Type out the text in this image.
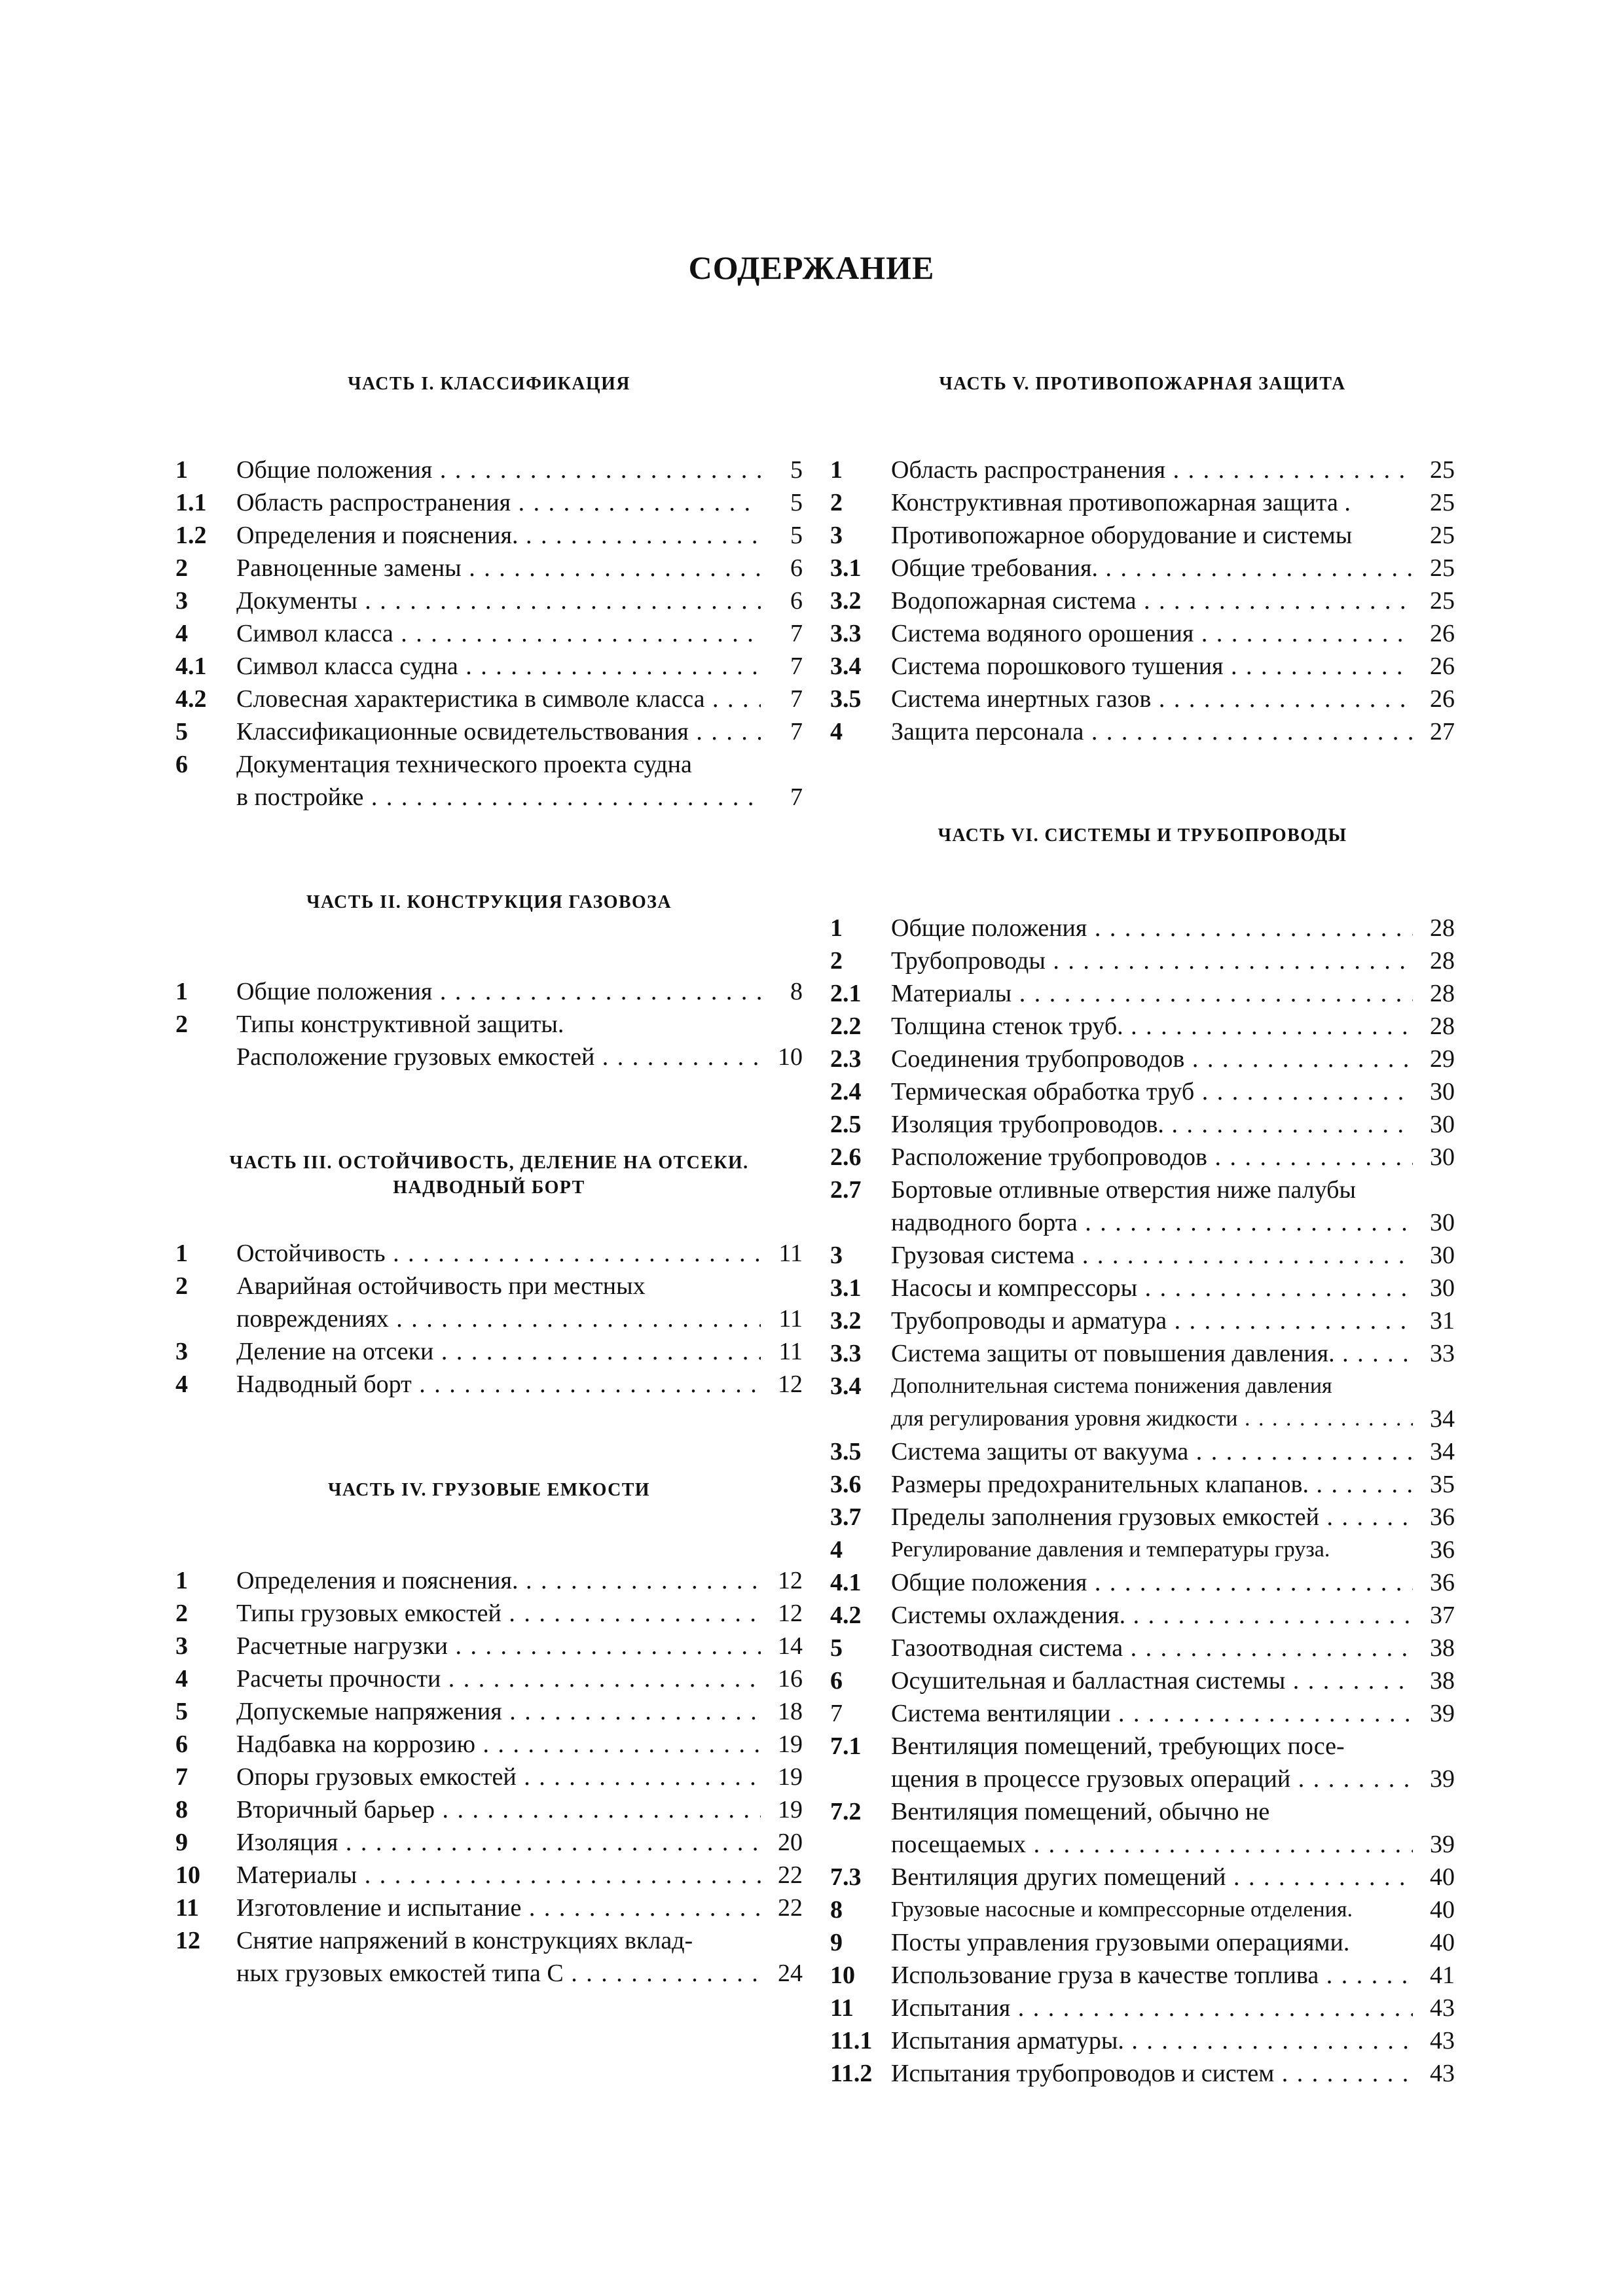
СОДЕРЖАНИЕ
ЧАСТЬ I. КЛАССИФИКАЦИЯ
1	Общие положения . . .	5
1.1	Область распространения . . .	5
1.2	Определения и пояснения. . . .	5
2	Равноценные замены . . .	6
3	Документы . . .	6
4	Символ класса . . .	7
4.1	Символ класса судна . . .	7
4.2	Словесная характеристика в символе класса . . .	7
5	Классификационные освидетельствования . . .	7
6	Документация технического проекта судна
в постройке . . .	7
ЧАСТЬ II. КОНСТРУКЦИЯ ГАЗОВОЗА
1	Общие положения . . .	8
2	Типы конструктивной защиты.
Расположение грузовых емкостей . . .	10
ЧАСТЬ III. ОСТОЙЧИВОСТЬ, ДЕЛЕНИЕ НА ОТСЕКИ.
НАДВОДНЫЙ БОРТ
1	Остойчивость . . .	11
2	Аварийная остойчивость при местных
повреждениях . . .	11
3	Деление на отсеки . . .	11
4	Надводный борт . . .	12
ЧАСТЬ IV. ГРУЗОВЫЕ ЕМКОСТИ
1	Определения и пояснения. . . .	12
2	Типы грузовых емкостей . . .	12
3	Расчетные нагрузки . . .	14
4	Расчеты прочности . . .	16
5	Допускемые напряжения . . .	18
6	Надбавка на коррозию . . .	19
7	Опоры грузовых емкостей . . .	19
8	Вторичный барьер . . .	19
9	Изоляция . . .	20
10	Материалы . . .	22
11	Изготовление и испытание . . .	22
12	Снятие напряжений в конструкциях вклад-
ных грузовых емкостей типа С . . .	24
ЧАСТЬ V. ПРОТИВОПОЖАРНАЯ ЗАЩИТА
1	Область распространения . . .	25
2	Конструктивная противопожарная защита .	25
3	Противопожарное оборудование и системы	25
3.1	Общие требования. . . .	25
3.2	Водопожарная система . . .	25
3.3	Система водяного орошения . . .	26
3.4	Система порошкового тушения . . .	26
3.5	Система инертных газов . . .	26
4	Защита персонала . . .	27
ЧАСТЬ VI. СИСТЕМЫ И ТРУБОПРОВОДЫ
1	Общие положения . . .	28
2	Трубопроводы . . .	28
2.1	Материалы . . .	28
2.2	Толщина стенок труб. . . .	28
2.3	Соединения трубопроводов . . .	29
2.4	Термическая обработка труб . . .	30
2.5	Изоляция трубопроводов. . . .	30
2.6	Расположение трубопроводов . . .	30
2.7	Бортовые отливные отверстия ниже палубы
надводного борта . . .	30
3	Грузовая система . . .	30
3.1	Насосы и компрессоры . . .	30
3.2	Трубопроводы и арматура . . .	31
3.3	Система защиты от повышения давления. . . .	33
3.4	Дополнительная система понижения давления
для регулирования уровня жидкости . . .	34
3.5	Система защиты от вакуума . . .	34
3.6	Размеры предохранительных клапанов. . . .	35
3.7	Пределы заполнения грузовых емкостей . . .	36
4	Регулирование давления и температуры груза.	36
4.1	Общие положения . . .	36
4.2	Системы охлаждения. . . .	37
5	Газоотводная система . . .	38
6	Осушительная и балластная системы . . .	38
7	Система вентиляции . . .	39
7.1	Вентиляция помещений, требующих посе-
щения в процессе грузовых операций . . .	39
7.2	Вентиляция помещений, обычно не
посещаемых . . .	39
7.3	Вентиляция других помещений . . .	40
8	Грузовые насосные и компрессорные отделения.	40
9	Посты управления грузовыми операциями.	40
10	Использование груза в качестве топлива . . .	41
11	Испытания . . .	43
11.1 Испытания арматуры. . . .	43
11.2 Испытания трубопроводов и систем . . .	43
